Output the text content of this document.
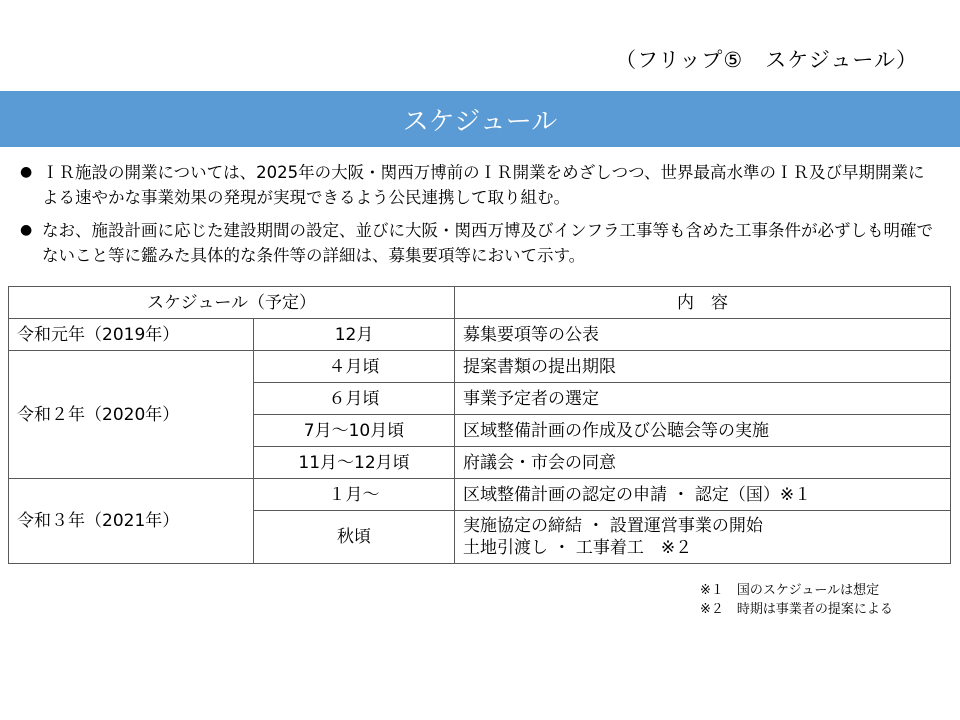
（フリップ⑤　スケジュール）
スケジュール
● ＩＲ施設の開業については、2025年の大阪・関西万博前のＩＲ開業をめざしつつ、世界最高水準のＩＲ及び早期開業による速やかな事業効果の発現が実現できるよう公民連携して取り組む。
● なお、施設計画に応じた建設期間の設定、並びに大阪・関西万博及びインフラ工事等も含めた工事条件が必ずしも明確でないこと等に鑑みた具体的な条件等の詳細は、募集要項等において示す。
スケジュール（予定）		内　容
令和元年（2019年）	12月	募集要項等の公表

令和２年（2020年）	４月頃	提案書類の提出期限

	６月頃	事業予定者の選定

	7月～10月頃	区域整備計画の作成及び公聴会等の実施

	11月～12月頃	府議会・市会の同意

令和３年（2021年）	１月～	区域整備計画の認定の申請 ・ 認定（国）※１

	秋頃	実施協定の締結 ・ 設置運営事業の開始
土地引渡し ・ 工事着工　※２
※１　国のスケジュールは想定
※２　時期は事業者の提案による
